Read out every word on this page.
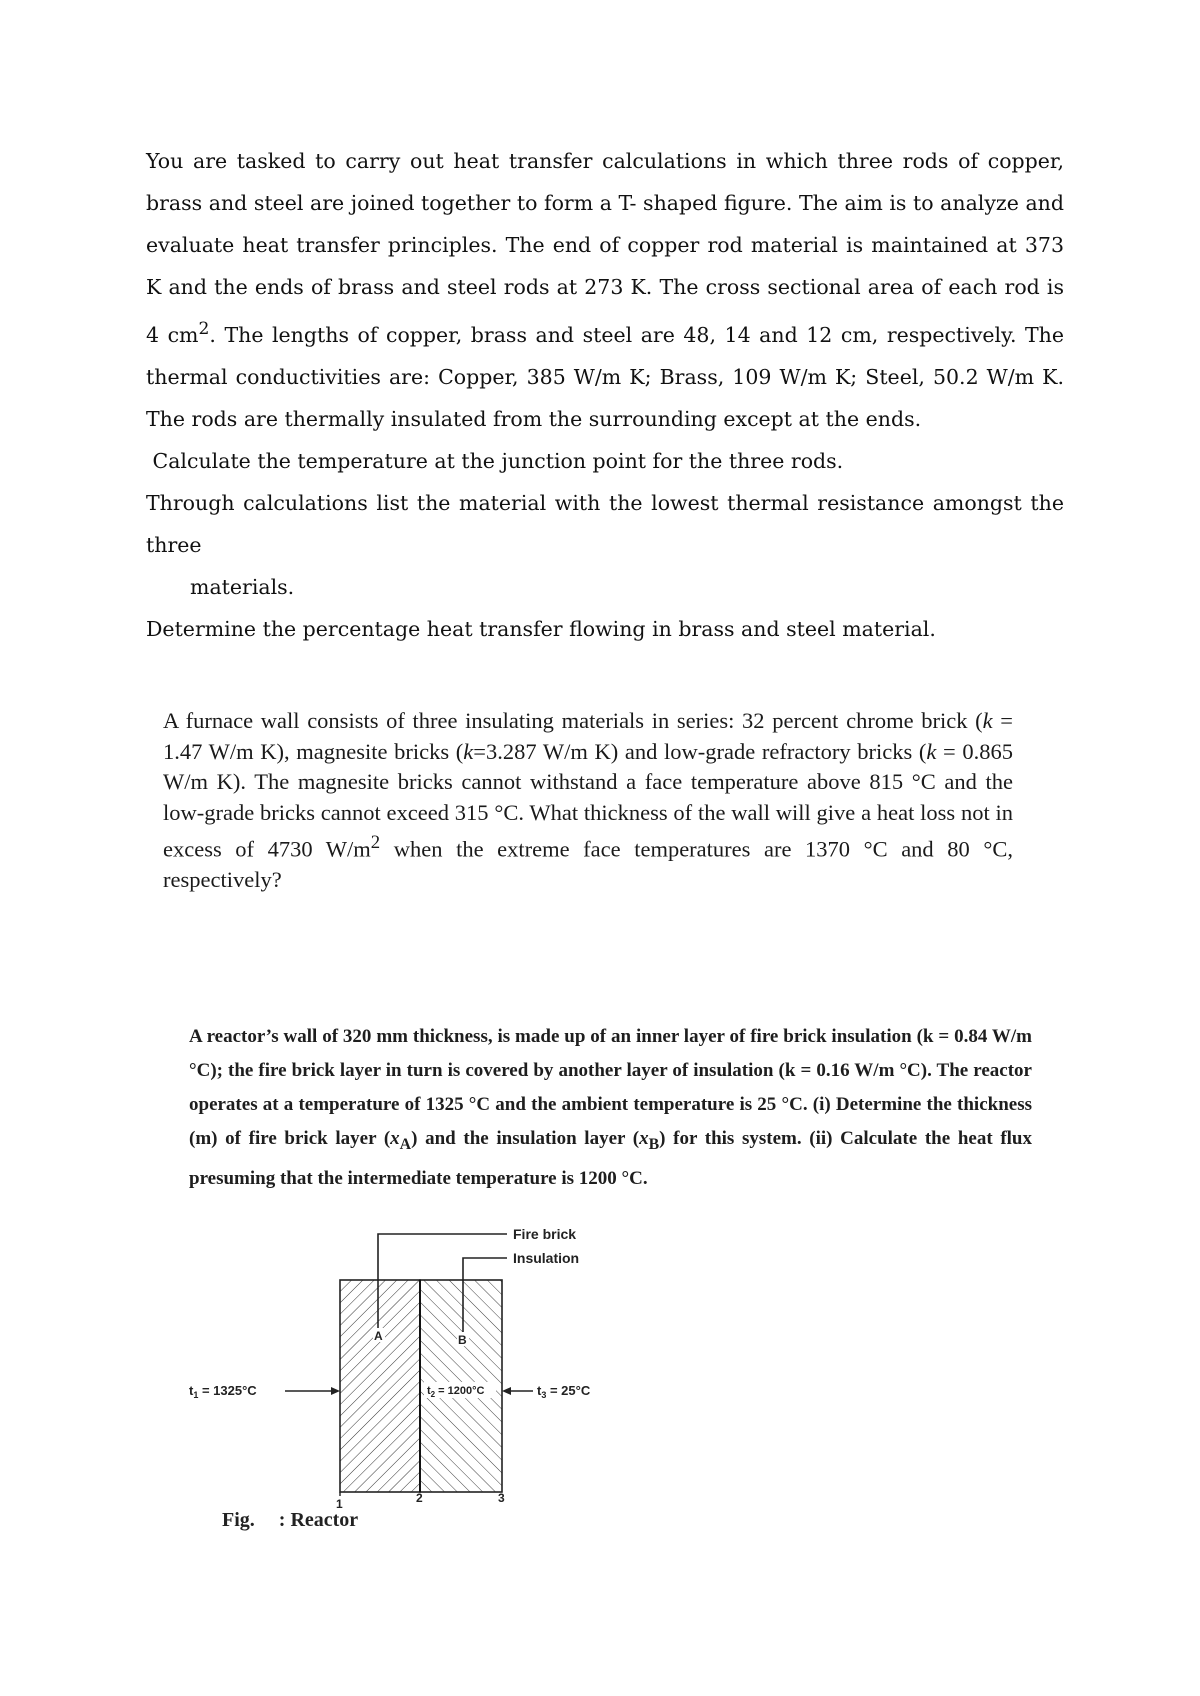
You are tasked to carry out heat transfer calculations in which three rods of copper, brass and steel are joined together to form a T- shaped figure. The aim is to analyze and evaluate heat transfer principles. The end of copper rod material is maintained at 373 K and the ends of brass and steel rods at 273 K. The cross sectional area of each rod is 4 $cm^2$. The lengths of copper, brass and steel are 48, 14 and 12 cm, respectively. The thermal conductivities are: Copper, 385 W/m K; Brass, 109 W/m K; Steel, 50.2 W/m K. The rods are thermally insulated from the surrounding except at the ends.

Calculate the temperature at the junction point for the three rods.

Through calculations list the material with the lowest thermal resistance amongst the three

materials.

Determine the percentage heat transfer flowing in brass and steel material.

A furnace wall consists of three insulating materials in series: 32 percent chrome brick (k = 1.47 W/m K), magnesite bricks (k=3.287 W/m K) and low-grade refractory bricks (k = 0.865 W/m K). The magnesite bricks cannot withstand a face temperature above 815 °C and the low-grade bricks cannot exceed 315 °C. What thickness of the wall will give a heat loss not in excess of 4730 $W/m^2$ when the extreme face temperatures are 1370 °C and 80 °C, respectively?

A reactor’s wall of 320 mm thickness, is made up of an inner layer of fire brick insulation (k = 0.84 W/m °C); the fire brick layer in turn is covered by another layer of insulation (k = 0.16 W/m °C). The reactor operates at a temperature of 1325 °C and the ambient temperature is 25 °C. (i) Determine the thickness (m) of fire brick layer $(x_A)$ and the insulation layer $(x_B)$ for this system. (ii) Calculate the heat flux presuming that the intermediate temperature is 1200 °C.

Fire brick
Insulation
A	B
$t_1 = 1325^\circ C$	$t_2 = 1200^\circ C$	$t_3 = 25^\circ C$
1	2	3
Fig. : Reactor
